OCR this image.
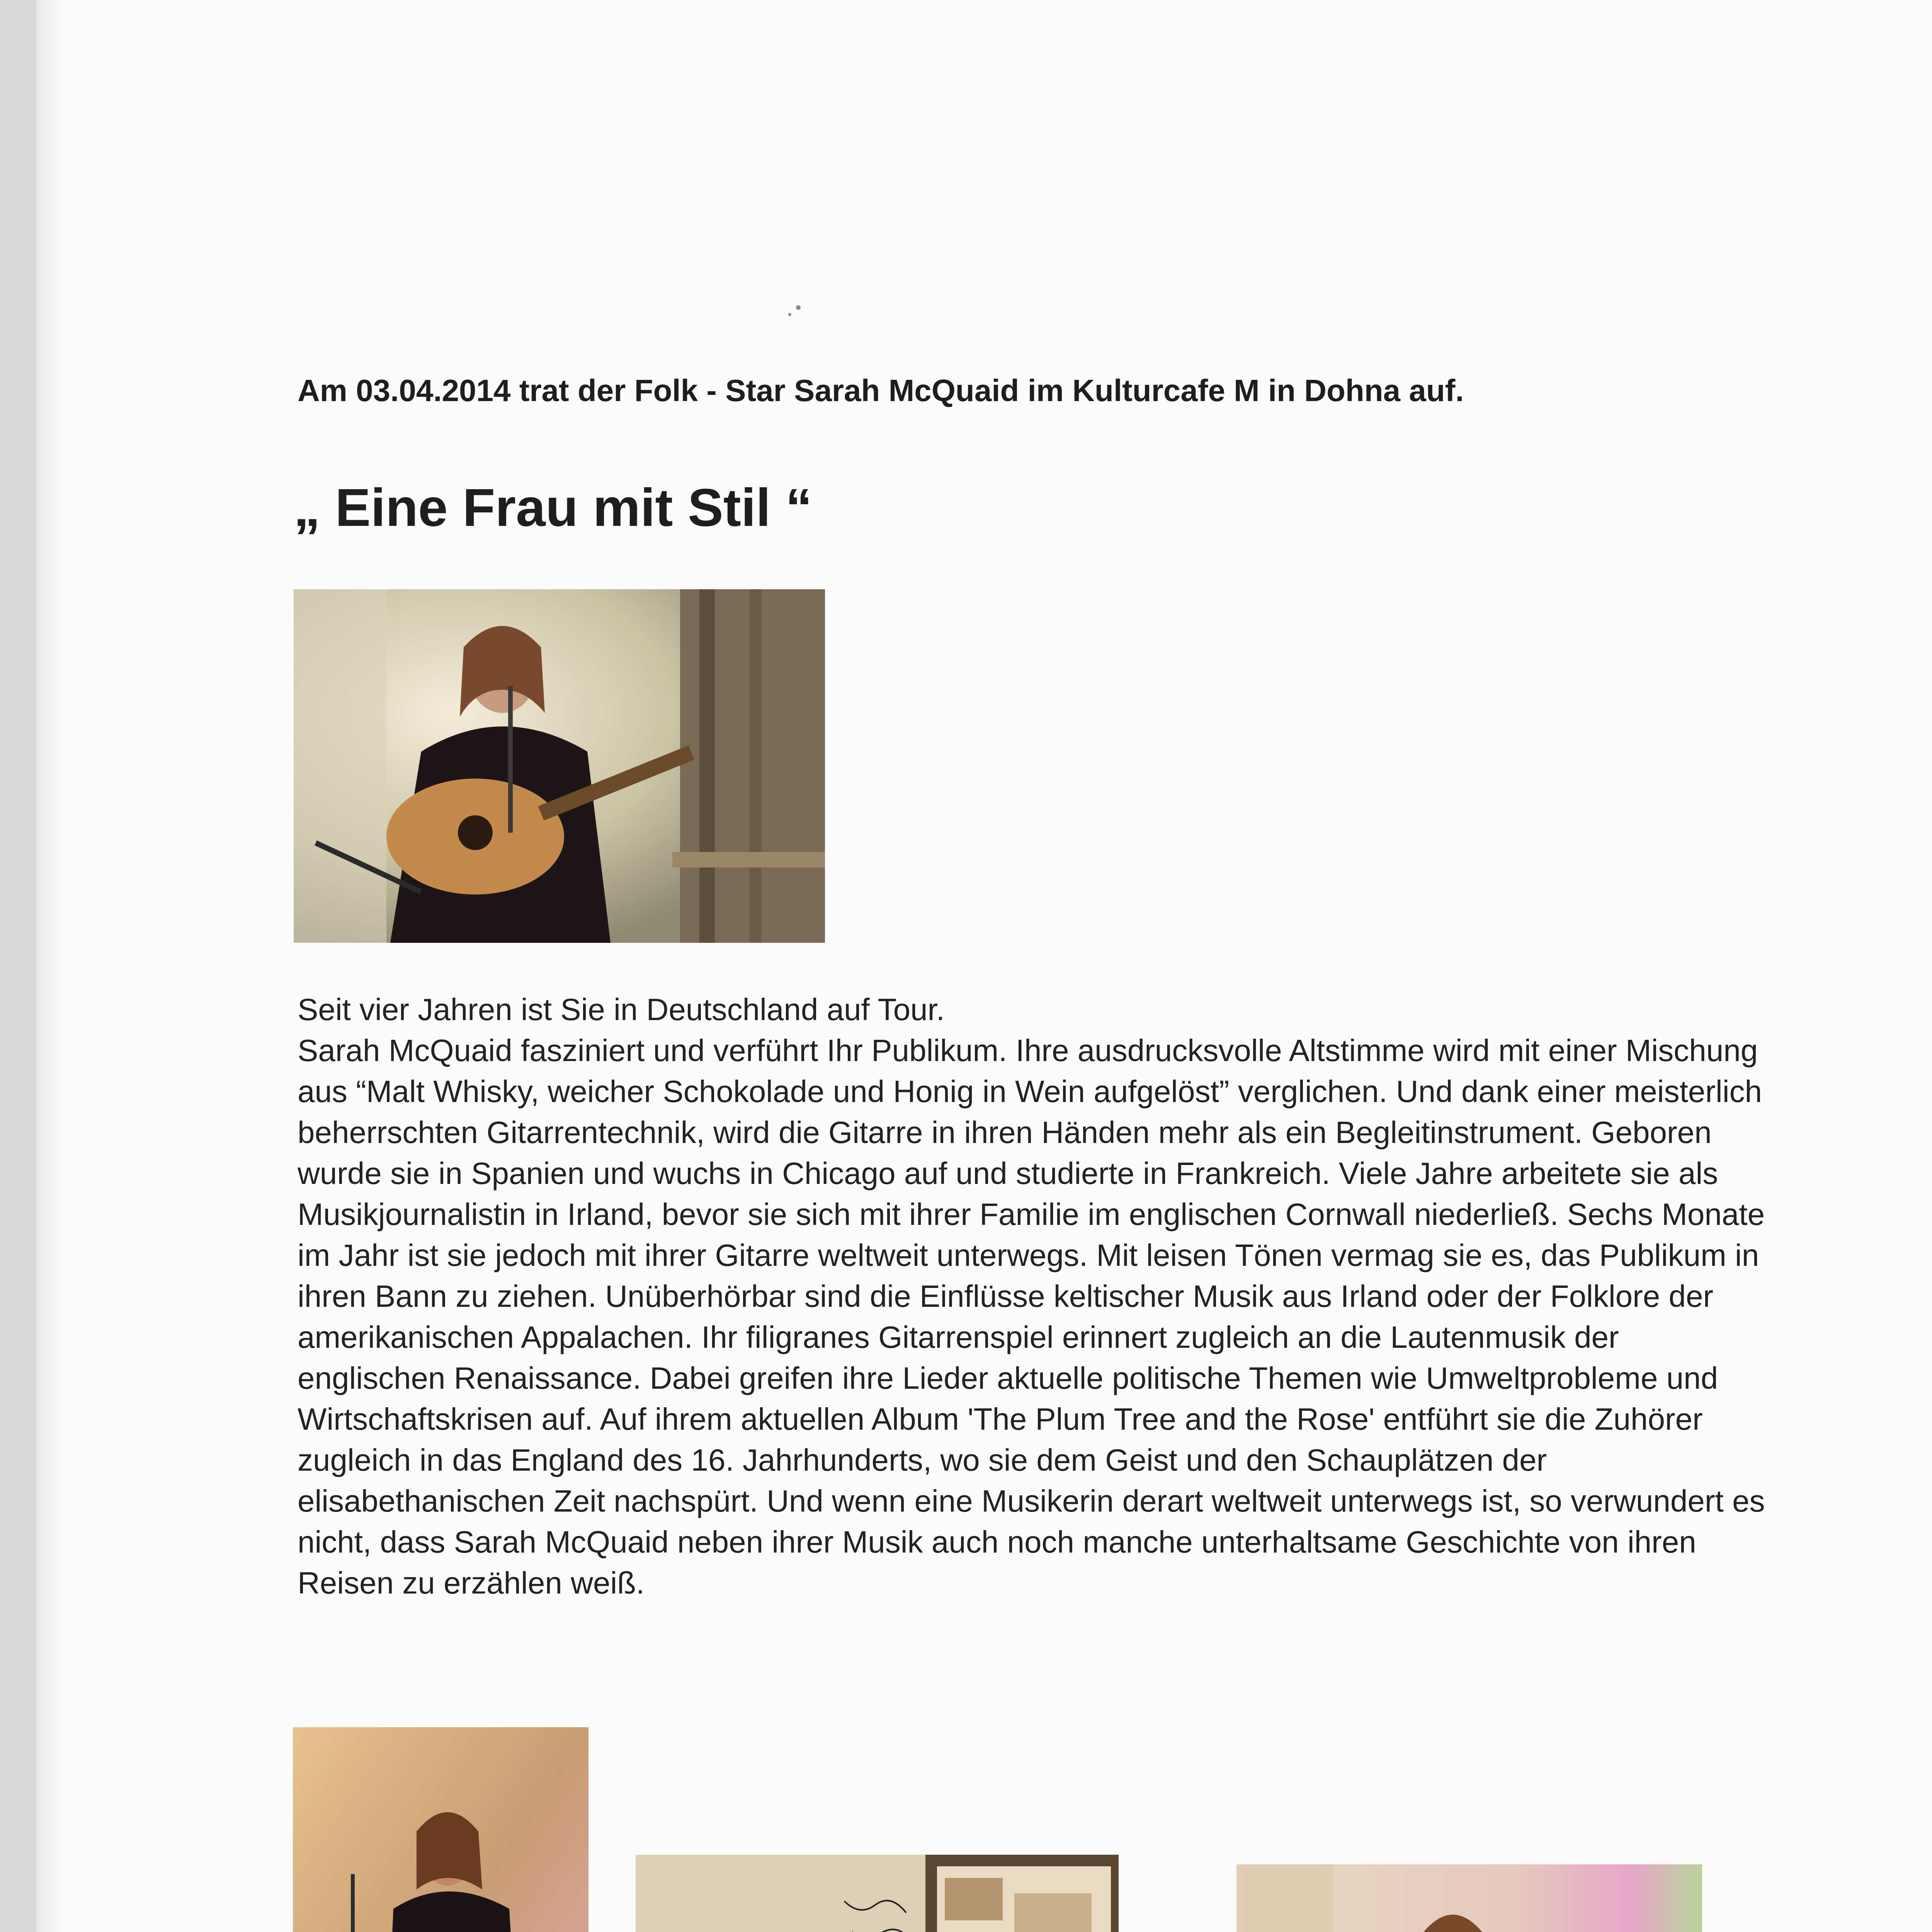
Am 03.04.2014 trat der Folk - Star Sarah McQuaid im Kulturcafe M in Dohna auf.
„ Eine Frau mit Stil “

Seit vier Jahren ist Sie in Deutschland auf Tour.

Sarah McQuaid fasziniert und verführt Ihr Publikum. Ihre ausdrucksvolle Altstimme wird mit einer Mischung aus “Malt Whisky, weicher Schokolade und Honig in Wein aufgelöst” verglichen. Und dank einer meisterlich beherrschten Gitarrentechnik, wird die Gitarre in ihren Händen mehr als ein Begleitinstrument. Geboren wurde sie in Spanien und wuchs in Chicago auf und studierte in Frankreich. Viele Jahre arbeitete sie als Musikjournalistin in Irland, bevor sie sich mit ihrer Familie im englischen Cornwall niederließ. Sechs Monate im Jahr ist sie jedoch mit ihrer Gitarre weltweit unterwegs. Mit leisen Tönen vermag sie es, das Publikum in ihren Bann zu ziehen. Unüberhörbar sind die Einflüsse keltischer Musik aus Irland oder der Folklore der amerikanischen Appalachen. Ihr filigranes Gitarrenspiel erinnert zugleich an die Lautenmusik der englischen Renaissance. Dabei greifen ihre Lieder aktuelle politische Themen wie Umweltprobleme und Wirtschaftskrisen auf. Auf ihrem aktuellen Album 'The Plum Tree and the Rose' entführt sie die Zuhörer zugleich in das England des 16. Jahrhunderts, wo sie dem Geist und den Schauplätzen der elisabethanischen Zeit nachspürt. Und wenn eine Musikerin derart weltweit unterwegs ist, so verwundert es nicht, dass Sarah McQuaid neben ihrer Musik auch noch manche unterhaltsame Geschichte von ihren Reisen zu erzählen weiß.
